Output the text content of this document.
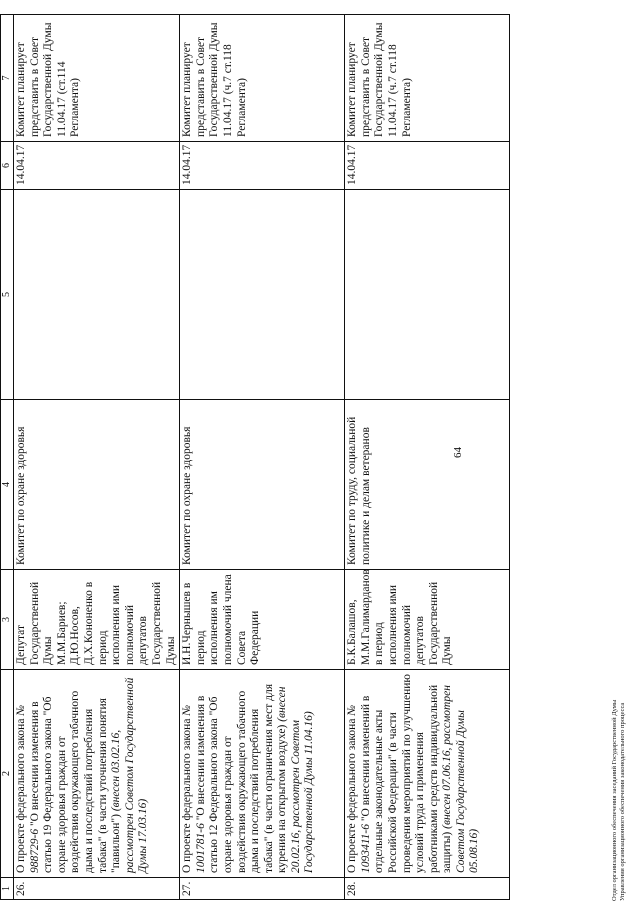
1	2	3	4	5	6	7
26.	О проекте федерального закона № 988729-6 "О внесении изменения в статью 19 Федерального закона "Об охране здоровья граждан от воздействия окружающего табачного дыма и последствий потребления табака" (в части уточнения понятия "павильон") (внесен 03.02.16, рассмотрен Советом Государственной Думы 17.03.16)	Депутат Государственной Думы М.М.Бариев; Д.Ю.Носов, Д.Х.Кононенко в период исполнения ими полномочий депутатов Государственной Думы	Комитет по охране здоровья		14.04.17	Комитет планирует представить в Совет Государственной Думы 11.04.17 (ст.114 Регламента)
27.	О проекте федерального закона № 1001781-6 "О внесении изменения в статью 12 Федерального закона "Об охране здоровья граждан от воздействия окружающего табачного дыма и последствий потребления табака" (в части ограничения мест для курения на открытом воздухе) (внесен 20.02.16, рассмотрен Советом Государственной Думы 11.04.16)	И.Н.Чернышев в период исполнения им полномочий члена Совета Федерации	Комитет по охране здоровья		14.04.17	Комитет планирует представить в Совет Государственной Думы 11.04.17 (ч.7 ст.118 Регламента)
28.	О проекте федерального закона № 1093411-6 "О внесении изменений в отдельные законодательные акты Российской Федерации" (в части проведения мероприятий по улучшению условий труда и применения работниками средств индивидуальной защиты) (внесен 07.06.16, рассмотрен Советом Государственной Думы 05.08.16)	Б.К.Балашов, М.М.Галимарданов в период исполнения ими полномочий депутатов Государственной Думы	Комитет по труду, социальной политике и делам ветеранов		14.04.17	Комитет планирует представить в Совет Государственной Думы 11.04.17 (ч.7 ст.118 Регламента)
64
Отдел организационного обеспечения заседаний Государственной Думы Управления организационного обеспечения законодательного процесса
